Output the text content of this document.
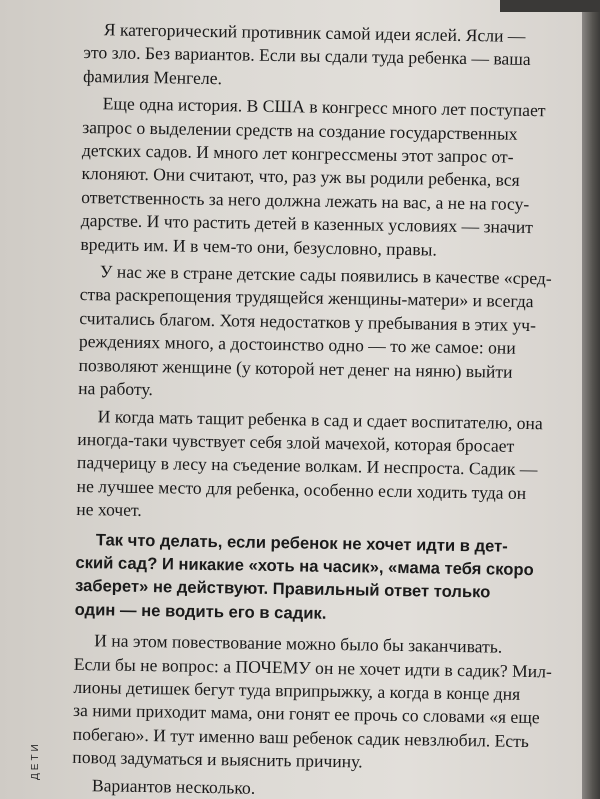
Я категорический противник самой идеи яслей. Ясли —
это зло. Без вариантов. Если вы сдали туда ребенка — ваша
фамилия Менгеле.

Еще одна история. В США в конгресс много лет поступает
запрос о выделении средств на создание государственных
детских садов. И много лет конгрессмены этот запрос от-
клоняют. Они считают, что, раз уж вы родили ребенка, вся
ответственность за него должна лежать на вас, а не на госу-
дарстве. И что растить детей в казенных условиях — значит
вредить им. И в чем-то они, безусловно, правы.

У нас же в стране детские сады появились в качестве «сред-
ства раскрепощения трудящейся женщины-матери» и всегда
считались благом. Хотя недостатков у пребывания в этих уч-
реждениях много, а достоинство одно — то же самое: они
позволяют женщине (у которой нет денег на няню) выйти
на работу.

И когда мать тащит ребенка в сад и сдает воспитателю, она
иногда-таки чувствует себя злой мачехой, которая бросает
падчерицу в лесу на съедение волкам. И неспроста. Садик —
не лучшее место для ребенка, особенно если ходить туда он
не хочет.

Так что делать, если ребенок не хочет идти в дет-
ский сад? И никакие «хоть на часик», «мама тебя скоро
заберет» не действуют. Правильный ответ только
один — не водить его в садик.

И на этом повествование можно было бы заканчивать.
Если бы не вопрос: а ПОЧЕМУ он не хочет идти в садик? Мил-
лионы детишек бегут туда вприпрыжку, а когда в конце дня
за ними приходит мама, они гонят ее прочь со словами «я еще
побегаю». И тут именно ваш ребенок садик невзлюбил. Есть
повод задуматься и выяснить причину.

Вариантов несколько.

ДЕТИ
